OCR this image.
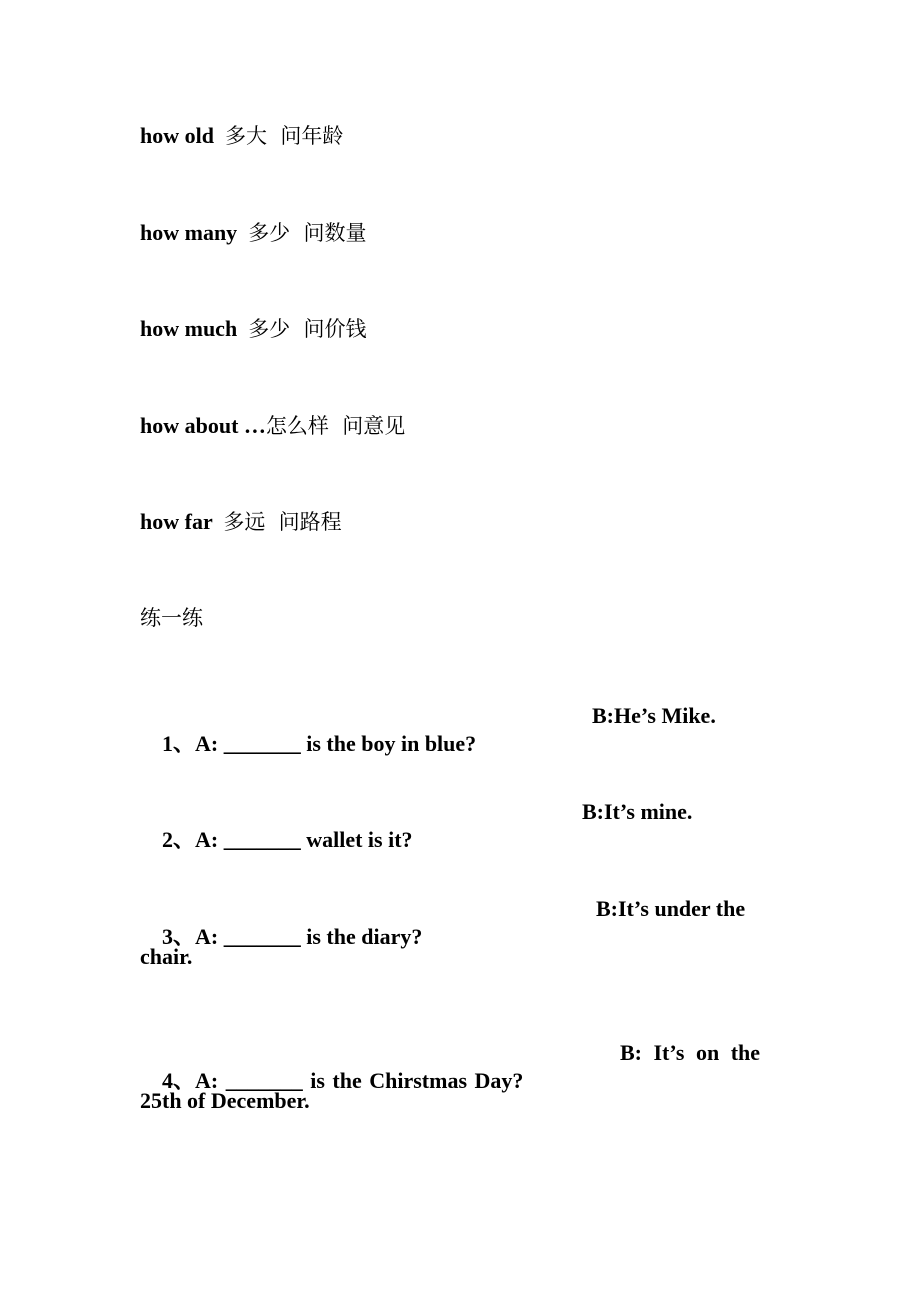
how old 多大  问年龄
how many 多少  问数量
how much 多少  问价钱
how about …怎么样  问意见
how far 多远  问路程
练一练

1、A: _______ is the boy in blue?

B:He’s Mike.

2、A: _______ wallet is it?

B:It’s mine.

3、A: _______ is the diary?

B:It’s under the

chair.

4、A: _______ is the Chirstmas Day?

B: It’s on the

25th of December.
